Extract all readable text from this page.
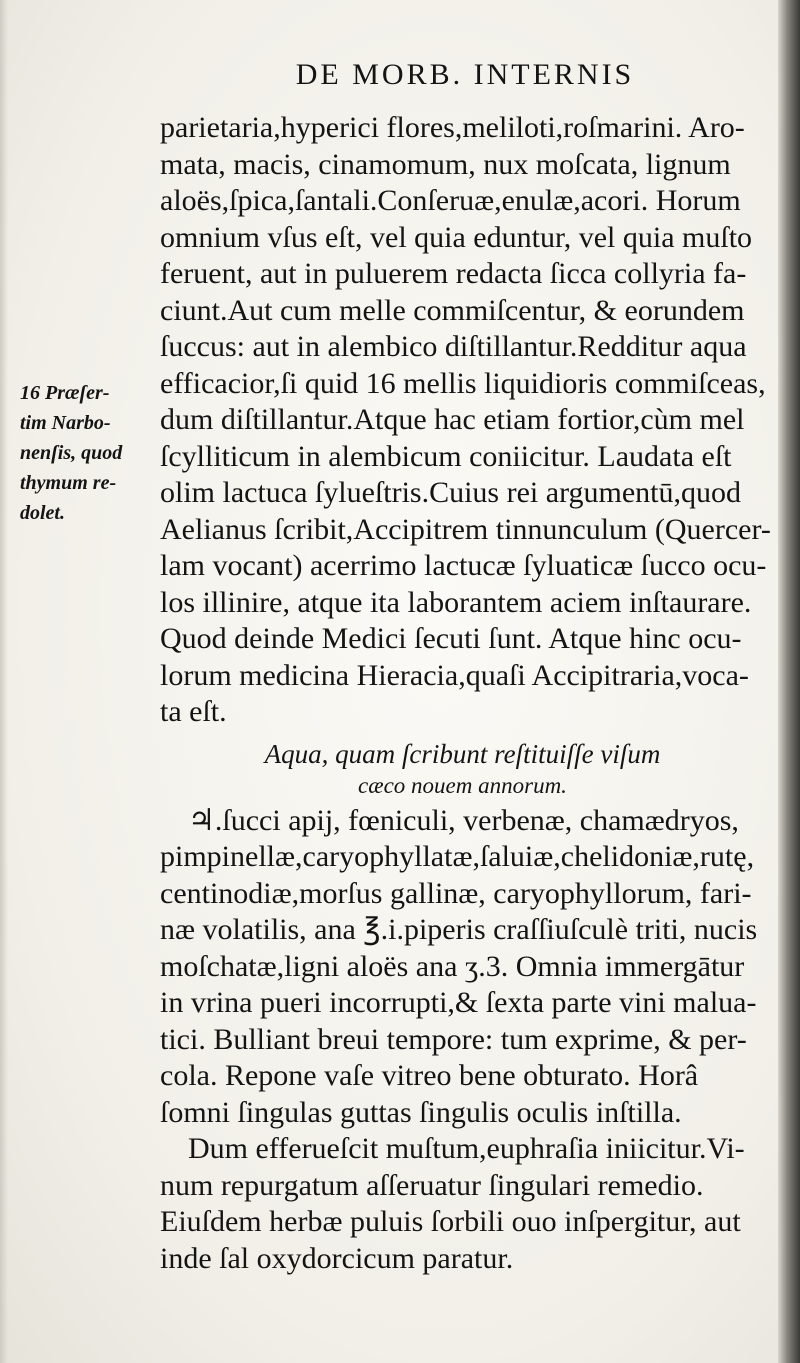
DE MORB. INTERNIS
16 Præſer-
tim Narbo-
nenſis, quod
thymum re-
dolet.
parietaria,hyperici flores,meliloti,roſmarini. Aro-
mata, macis, cinamomum, nux moſcata, lignum
aloës,ſpica,ſantali.Conſeruæ,enulæ,acori. Horum
omnium vſus eſt, vel quia eduntur, vel quia muſto
feruent, aut in puluerem redacta ſicca collyria fa-
ciunt.Aut cum melle commiſcentur, & eorundem
ſuccus: aut in alembico diſtillantur.Redditur aqua
efficacior,ſi quid 16 mellis liquidioris commiſceas,
dum diſtillantur.Atque hac etiam fortior,cùm mel
ſcylliticum in alembicum coniicitur. Laudata eſt
olim lactuca ſylueſtris.Cuius rei argumentū,quod
Aelianus ſcribit,Accipitrem tinnunculum (Quercer-
lam vocant) acerrimo lactucæ ſyluaticæ ſucco ocu-
los illinire, atque ita laborantem aciem inſtaurare.
Quod deinde Medici ſecuti ſunt. Atque hinc ocu-
lorum medicina Hieracia,quaſi Accipitraria,voca-
ta eſt.
Aqua, quam ſcribunt reſtituiſſe viſum
cæco nouem annorum.
♃.ſucci apij, fœniculi, verbenæ, chamædryos,
pimpinellæ,caryophyllatæ,ſaluiæ,chelidoniæ,rutę,
centinodiæ,morſus gallinæ, caryophyllorum, fari-
næ volatilis, ana ℥.i.piperis craſſiuſculè triti, nucis
moſchatæ,ligni aloës ana ʒ.3. Omnia immergātur
in vrina pueri incorrupti,& ſexta parte vini malua-
tici. Bulliant breui tempore: tum exprime, & per-
cola. Repone vaſe vitreo bene obturato. Horâ
ſomni ſingulas guttas ſingulis oculis inſtilla.
Dum efferueſcit muſtum,euphraſia iniicitur.Vi-
num repurgatum aſſeruatur ſingulari remedio.
Eiuſdem herbæ puluis ſorbili ouo inſpergitur, aut
inde ſal oxydorcicum paratur.
